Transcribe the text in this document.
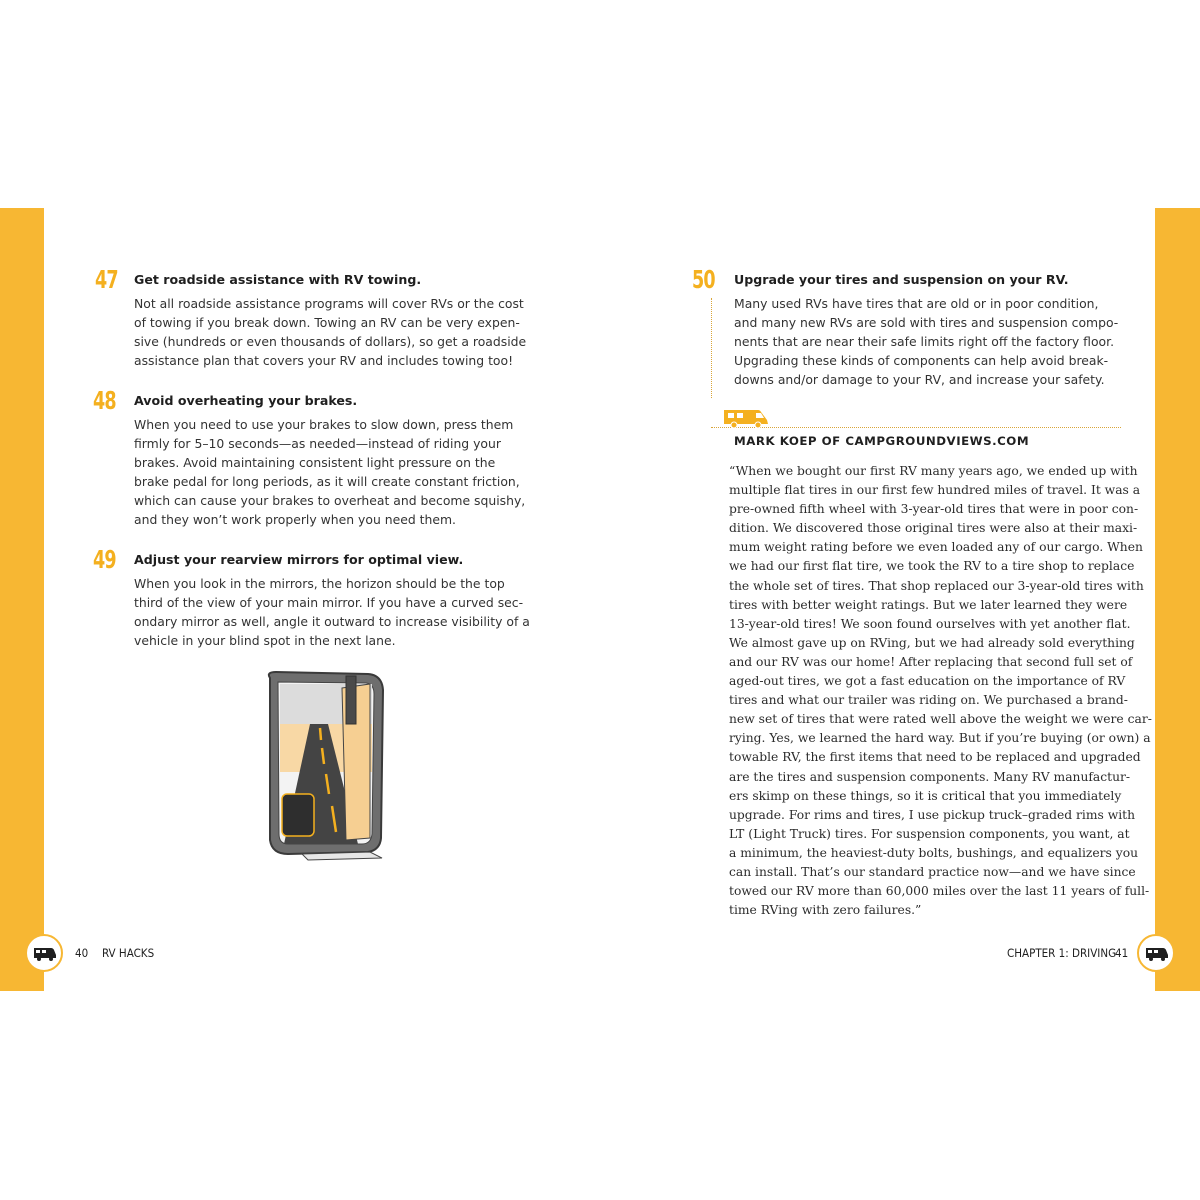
47 Get roadside assistance with RV towing.
Not all roadside assistance programs will cover RVs or the cost
of towing if you break down. Towing an RV can be very expen-
sive (hundreds or even thousands of dollars), so get a roadside
assistance plan that covers your RV and includes towing too!
48 Avoid overheating your brakes.
When you need to use your brakes to slow down, press them
firmly for 5–10 seconds—as needed—instead of riding your
brakes. Avoid maintaining consistent light pressure on the
brake pedal for long periods, as it will create constant friction,
which can cause your brakes to overheat and become squishy,
and they won’t work properly when you need them.
49 Adjust your rearview mirrors for optimal view.
When you look in the mirrors, the horizon should be the top
third of the view of your main mirror. If you have a curved sec-
ondary mirror as well, angle it outward to increase visibility of a
vehicle in your blind spot in the next lane.
50 Upgrade your tires and suspension on your RV.
Many used RVs have tires that are old or in poor condition,
and many new RVs are sold with tires and suspension compo-
nents that are near their safe limits right off the factory floor.
Upgrading these kinds of components can help avoid break-
downs and/or damage to your RV, and increase your safety.
MARK KOEP OF CAMPGROUNDVIEWS.COM
“When we bought our first RV many years ago, we ended up with
multiple flat tires in our first few hundred miles of travel. It was a
pre-owned fifth wheel with 3-year-old tires that were in poor con-
dition. We discovered those original tires were also at their maxi-
mum weight rating before we even loaded any of our cargo. When
we had our first flat tire, we took the RV to a tire shop to replace
the whole set of tires. That shop replaced our 3-year-old tires with
tires with better weight ratings. But we later learned they were
13-year-old tires! We soon found ourselves with yet another flat.
We almost gave up on RVing, but we had already sold everything
and our RV was our home! After replacing that second full set of
aged-out tires, we got a fast education on the importance of RV
tires and what our trailer was riding on. We purchased a brand-
new set of tires that were rated well above the weight we were car-
rying. Yes, we learned the hard way. But if you’re buying (or own) a
towable RV, the first items that need to be replaced and upgraded
are the tires and suspension components. Many RV manufactur-
ers skimp on these things, so it is critical that you immediately
upgrade. For rims and tires, I use pickup truck–graded rims with
LT (Light Truck) tires. For suspension components, you want, at
a minimum, the heaviest-duty bolts, bushings, and equalizers you
can install. That’s our standard practice now—and we have since
towed our RV more than 60,000 miles over the last 11 years of full-
time RVing with zero failures.”
40 RV HACKS	CHAPTER 1: DRIVING
41
